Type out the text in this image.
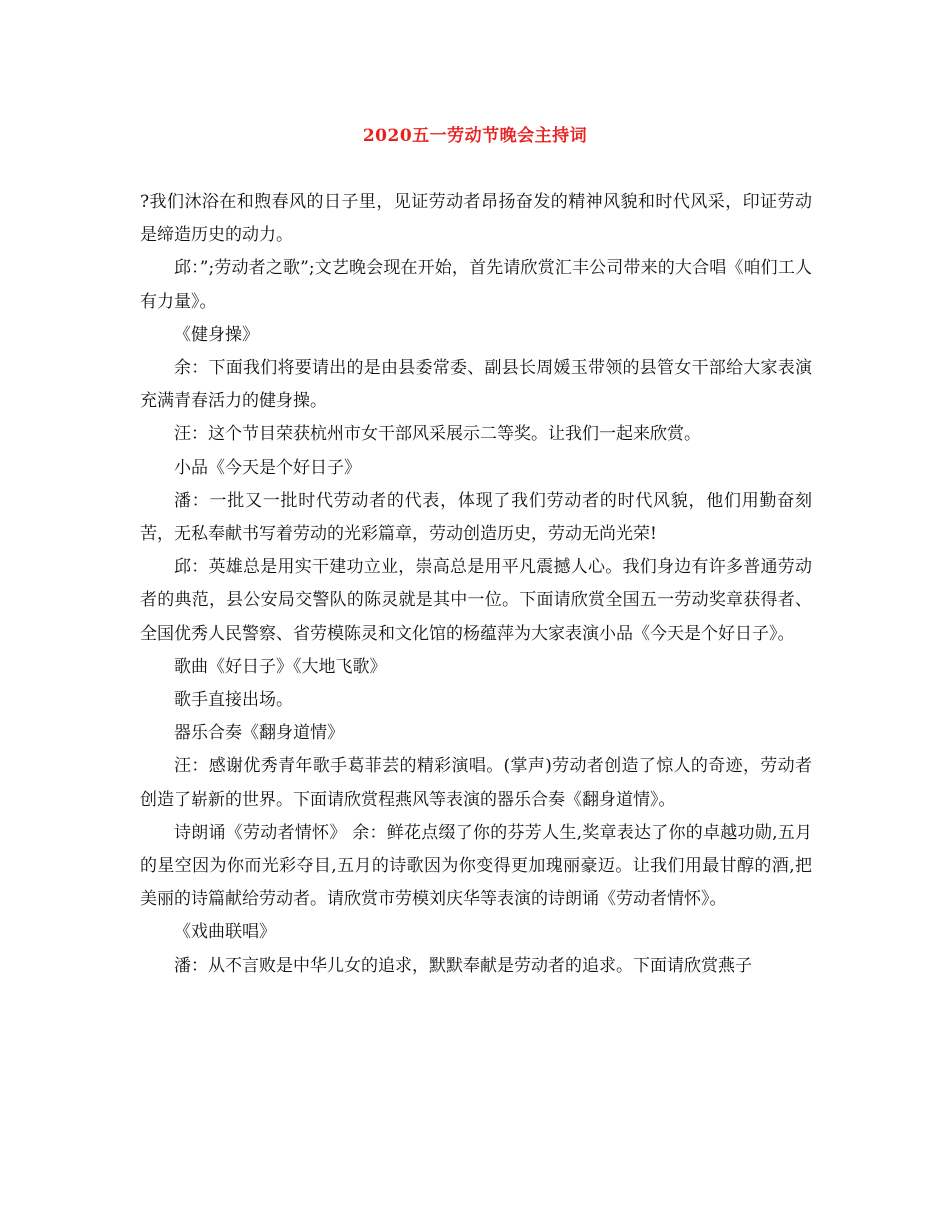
2020五一劳动节晚会主持词

?我们沐浴在和煦春风的日子里，见证劳动者昂扬奋发的精神风貌和时代风采，印证劳动是缔造历史的动力。

邱：”;劳动者之歌”;文艺晚会现在开始，首先请欣赏汇丰公司带来的大合唱《咱们工人有力量》。

《健身操》

余：下面我们将要请出的是由县委常委、副县长周媛玉带领的县管女干部给大家表演充满青春活力的健身操。

汪：这个节目荣获杭州市女干部风采展示二等奖。让我们一起来欣赏。

小品《今天是个好日子》

潘：一批又一批时代劳动者的代表，体现了我们劳动者的时代风貌，他们用勤奋刻苦，无私奉献书写着劳动的光彩篇章，劳动创造历史，劳动无尚光荣!

邱：英雄总是用实干建功立业，崇高总是用平凡震撼人心。我们身边有许多普通劳动者的典范，县公安局交警队的陈灵就是其中一位。下面请欣赏全国五一劳动奖章获得者、全国优秀人民警察、省劳模陈灵和文化馆的杨蕴萍为大家表演小品《今天是个好日子》。

歌曲《好日子》《大地飞歌》

歌手直接出场。

器乐合奏《翻身道情》

汪：感谢优秀青年歌手葛菲芸的精彩演唱。(掌声)劳动者创造了惊人的奇迹，劳动者创造了崭新的世界。下面请欣赏程燕风等表演的器乐合奏《翻身道情》。

诗朗诵《劳动者情怀》 余：鲜花点缀了你的芬芳人生,奖章表达了你的卓越功勋,五月的星空因为你而光彩夺目,五月的诗歌因为你变得更加瑰丽豪迈。让我们用最甘醇的酒,把美丽的诗篇献给劳动者。请欣赏市劳模刘庆华等表演的诗朗诵《劳动者情怀》。

《戏曲联唱》

潘：从不言败是中华儿女的追求，默默奉献是劳动者的追求。下面请欣赏燕子
